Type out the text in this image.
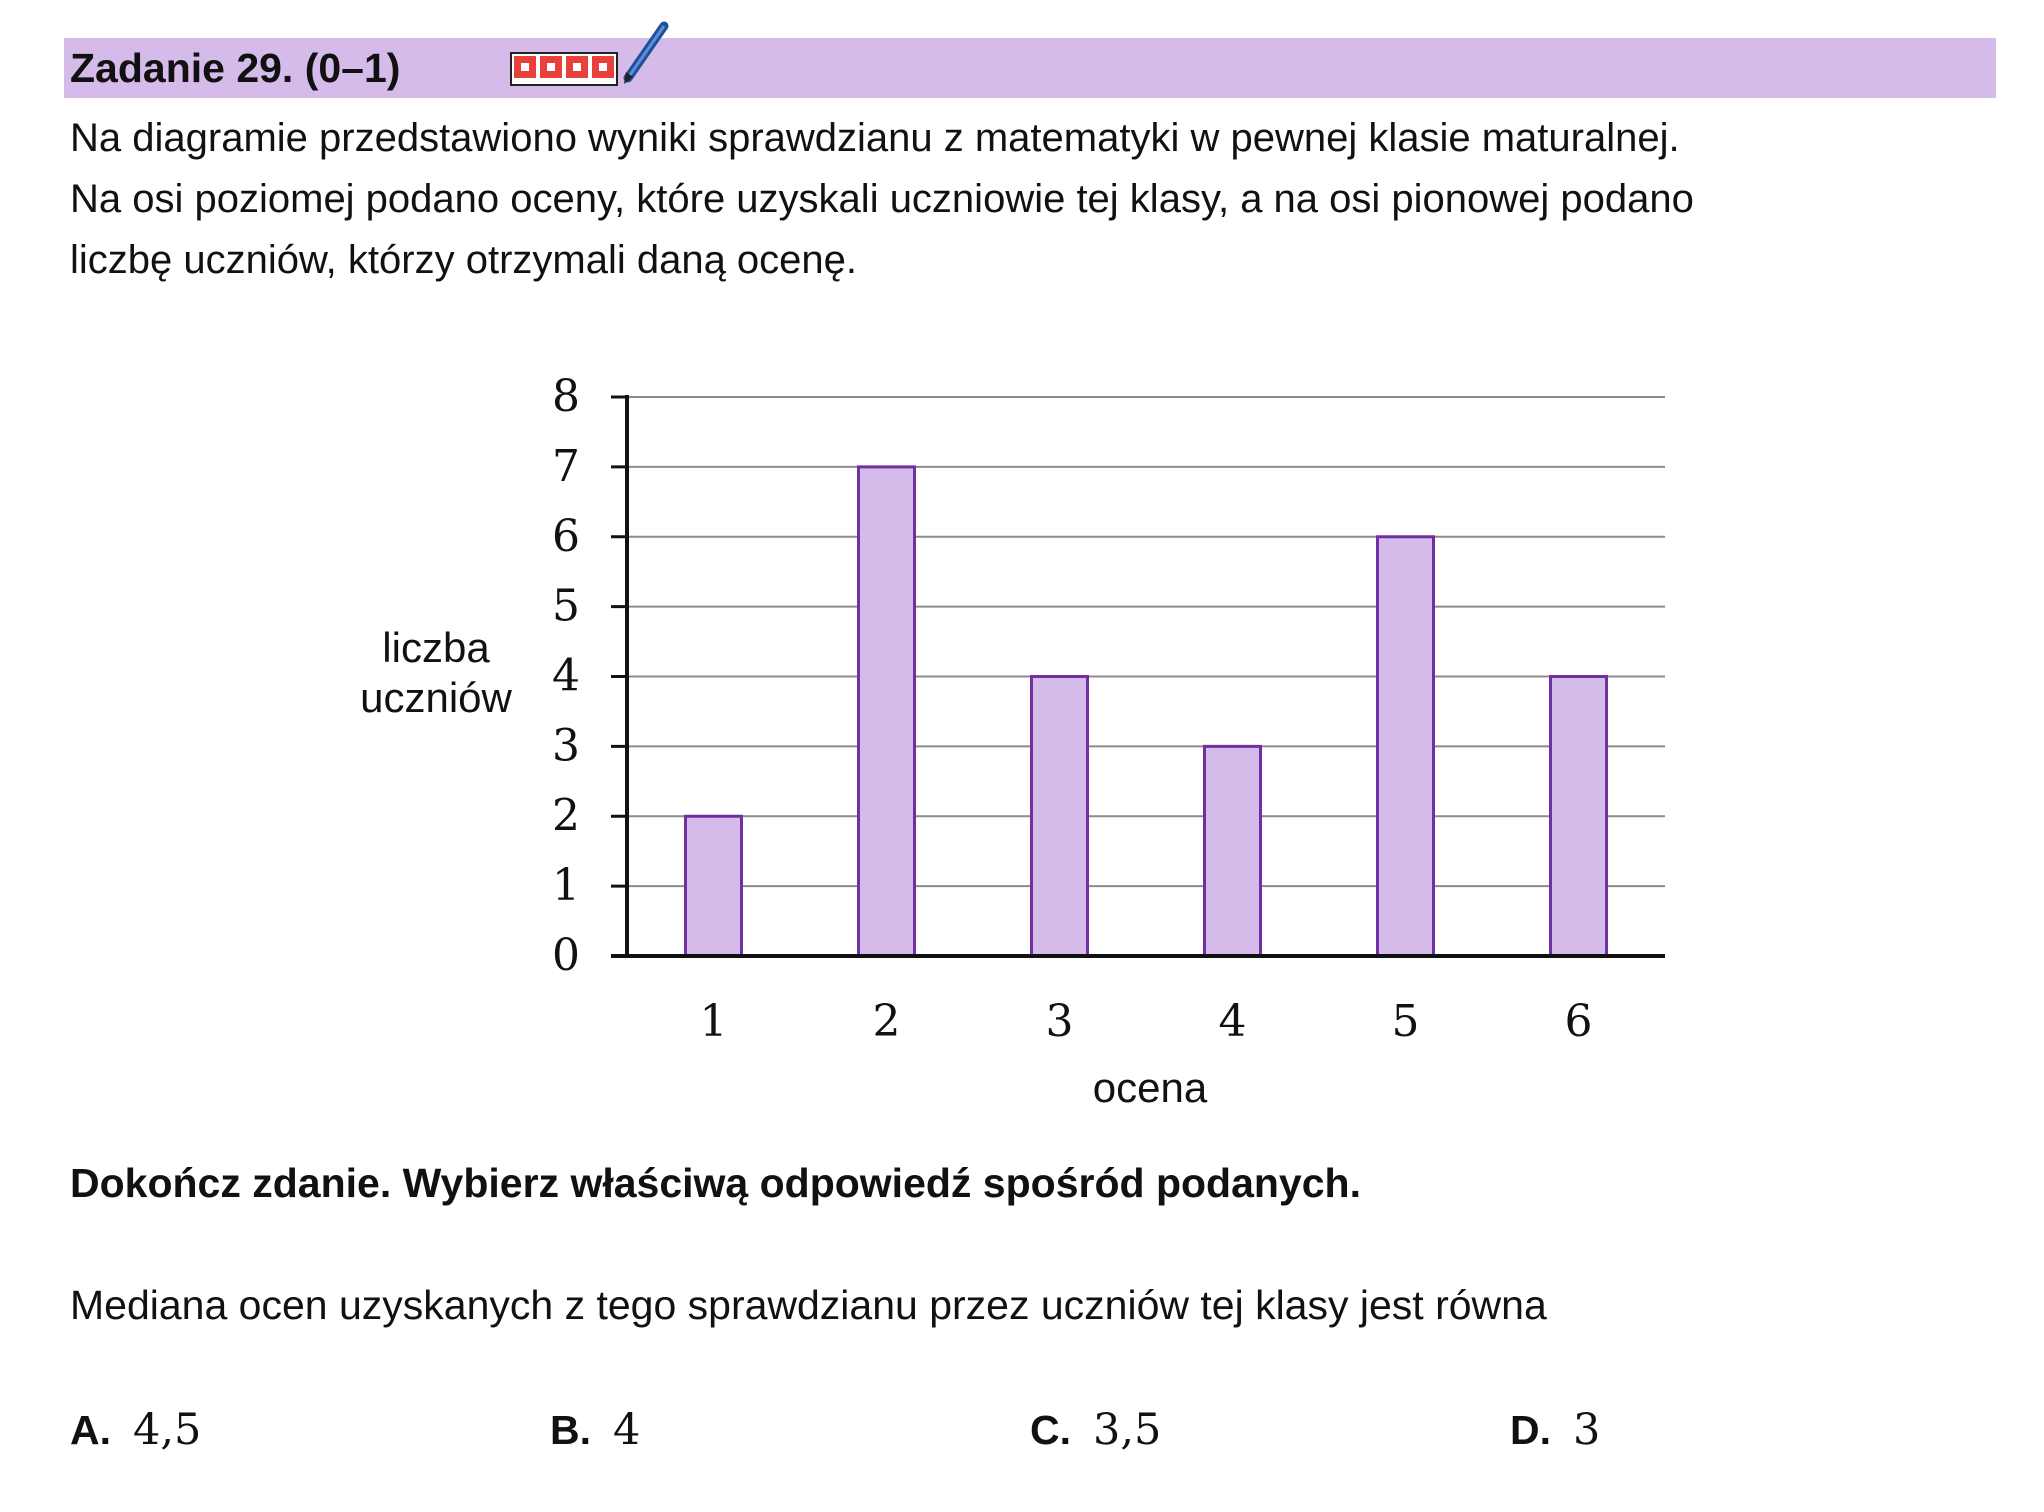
Zadanie 29. (0–1)

Na diagramie przedstawiono wyniki sprawdzianu z matematyki w pewnej klasie maturalnej.

Na osi poziomej podano oceny, które uzyskali uczniowie tej klasy, a na osi pionowej podano

liczbę uczniów, którzy otrzymali daną ocenę.

0
1
2
3
4
5
6
7
8
1	2	3	4	5	6
ocena
liczba
uczniów
Dokończ zdanie. Wybierz właściwą odpowiedź spośród podanych.
Mediana ocen uzyskanych z tego sprawdzianu przez uczniów tej klasy jest równa
A. 4,5	B. 4	C. 3,5	D. 3
